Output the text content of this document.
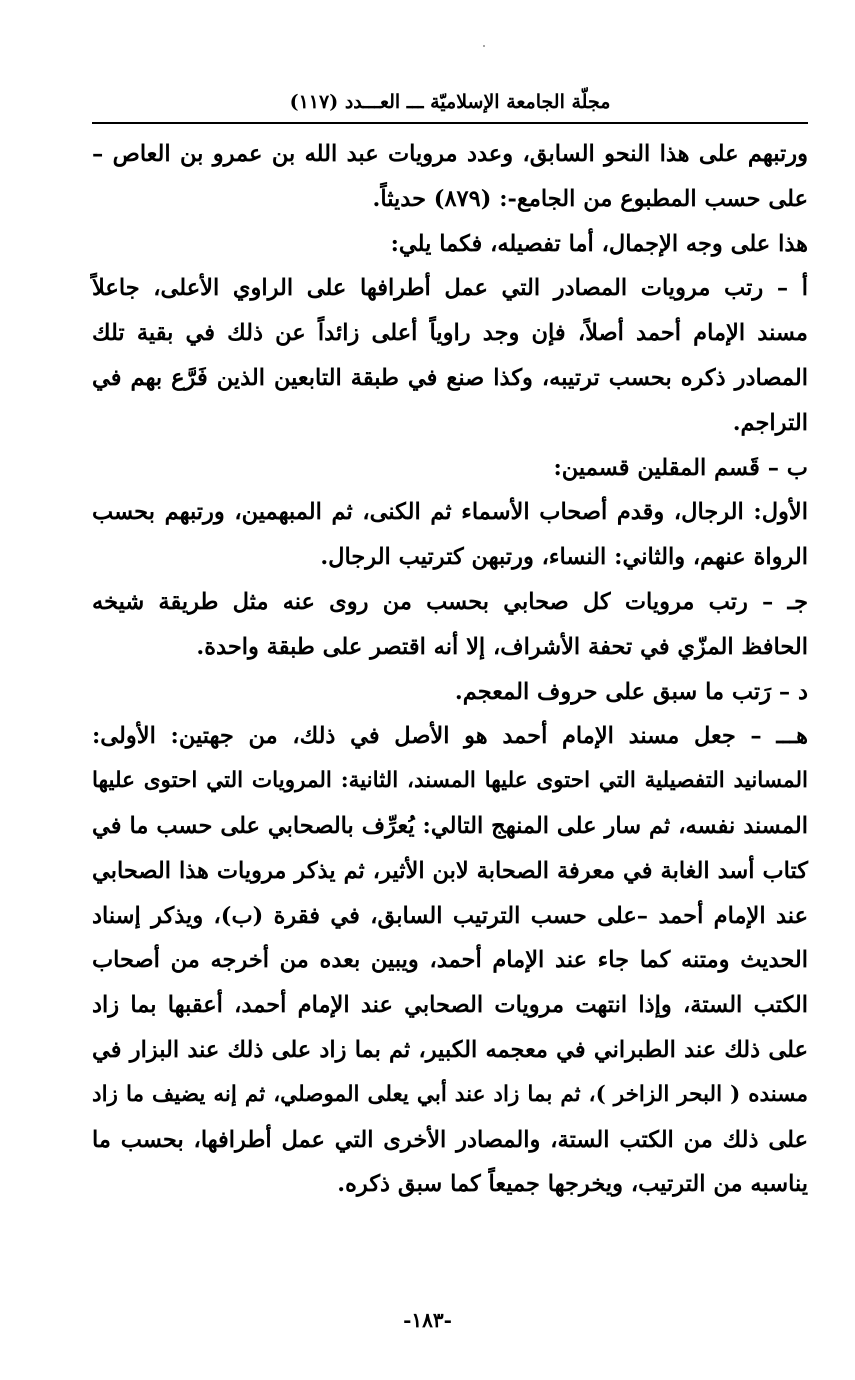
مجلّة الجامعة الإسلاميّة ـــ العـــدد (١١٧)
ورتبهم على هذا النحو السابق، وعدد مرويات عبد الله بن عمرو بن العاص –
على حسب المطبوع من الجامع-: (٨٧٩) حديثاً.
هذا على وجه الإجمال، أما تفصيله، فكما يلي:
أ – رتب مرويات المصادر التي عمل أطرافها على الراوي الأعلى، جاعلاً
مسند الإمام أحمد أصلاً، فإن وجد راوياً أعلى زائداً عن ذلك في بقية تلك
المصادر ذكره بحسب ترتيبه، وكذا صنع في طبقة التابعين الذين فَرَّع بهم في
التراجم.
ب – قَسم المقلين قسمين:
الأول: الرجال، وقدم أصحاب الأسماء ثم الكنى، ثم المبهمين، ورتبهم بحسب
الرواة عنهم، والثاني: النساء، ورتبهن كترتيب الرجال.
جـ – رتب مرويات كل صحابي بحسب من روى عنه مثل طريقة شيخه
الحافظ المزّي في تحفة الأشراف، إلا أنه اقتصر على طبقة واحدة.
د – رَتب ما سبق على حروف المعجم.
هـــ – جعل مسند الإمام أحمد هو الأصل في ذلك، من جهتين: الأولى:
المسانيد التفصيلية التي احتوى عليها المسند، الثانية: المرويات التي احتوى عليها
المسند نفسه، ثم سار على المنهج التالي: يُعرِّف بالصحابي على حسب ما في
كتاب أسد الغابة في معرفة الصحابة لابن الأثير، ثم يذكر مرويات هذا الصحابي
عند الإمام أحمد –على حسب الترتيب السابق، في فقرة (ب)، ويذكر إسناد
الحديث ومتنه كما جاء عند الإمام أحمد، ويبين بعده من أخرجه من أصحاب
الكتب الستة، وإذا انتهت مرويات الصحابي عند الإمام أحمد، أعقبها بما زاد
على ذلك عند الطبراني في معجمه الكبير، ثم بما زاد على ذلك عند البزار في
مسنده ( البحر الزاخر )، ثم بما زاد عند أبي يعلى الموصلي، ثم إنه يضيف ما زاد
على ذلك من الكتب الستة، والمصادر الأخرى التي عمل أطرافها، بحسب ما
يناسبه من الترتيب، ويخرجها جميعاً كما سبق ذكره.
-١٨٣-
